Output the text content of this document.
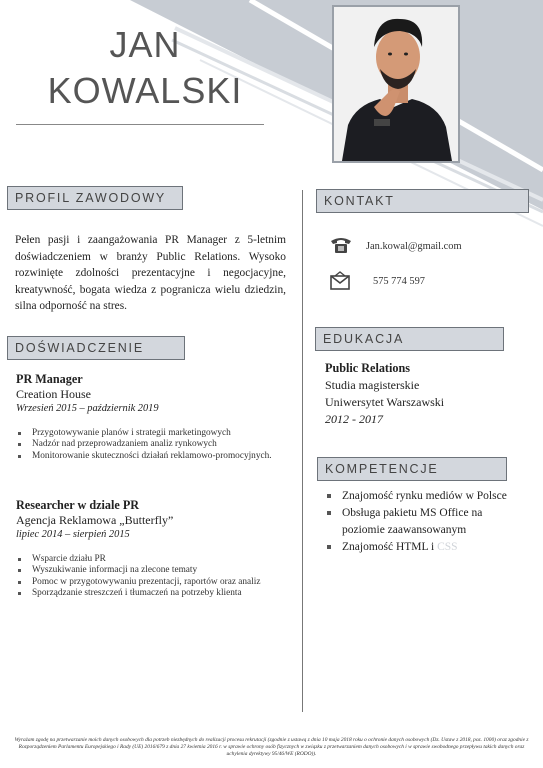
JAN
KOWALSKI
PROFIL ZAWODOWY	KONTAKT
Pełen pasji i zaangażowania PR Manager z 5-letnim doświadczeniem w branży Public Relations. Wysoko rozwinięte zdolności prezentacyjne i negocjacyjne, kreatywność, bogata wiedza z pogranicza wielu dziedzin, silna odporność na stres.
Jan.kowal@gmail.com
575 774 597
DOŚWIADCZENIE
EDUKACJA
PR Manager
Creation House
Wrzesień 2015 – październik 2019
Przygotowywanie planów i strategii marketingowych
Nadzór nad przeprowadzaniem analiz rynkowych
Monitorowanie skuteczności działań reklamowo-promocyjnych.
Researcher w dziale PR
Agencja Reklamowa „Butterfly”
lipiec 2014 – sierpień 2015
Wsparcie działu PR
Wyszukiwanie informacji na zlecone tematy
Pomoc w przygotowywaniu prezentacji, raportów oraz analiz
Sporządzanie streszczeń i tłumaczeń na potrzeby klienta
Public Relations
Studia magisterskie
Uniwersytet Warszawski
2012 - 2017
KOMPETENCJE
Znajomość rynku mediów w Polsce
Obsługa pakietu MS Office na poziomie zaawansowanym
Znajomość HTML i CSS
Wyrażam zgodę na przetwarzanie moich danych osobowych dla potrzeb niezbędnych do realizacji procesu rekrutacji (zgodnie z ustawą z dnia 10 maja 2018 roku o ochronie danych osobowych (Dz. Ustaw z 2018, poz. 1000) oraz zgodnie z Rozporządzeniem Parlamentu Europejskiego i Rady (UE) 2016/679 z dnia 27 kwietnia 2016 r. w sprawie ochrony osób fizycznych w związku z przetwarzaniem danych osobowych i w sprawie swobodnego przepływu takich danych oraz uchylenia dyrektywy 95/46/WE (RODO)).
